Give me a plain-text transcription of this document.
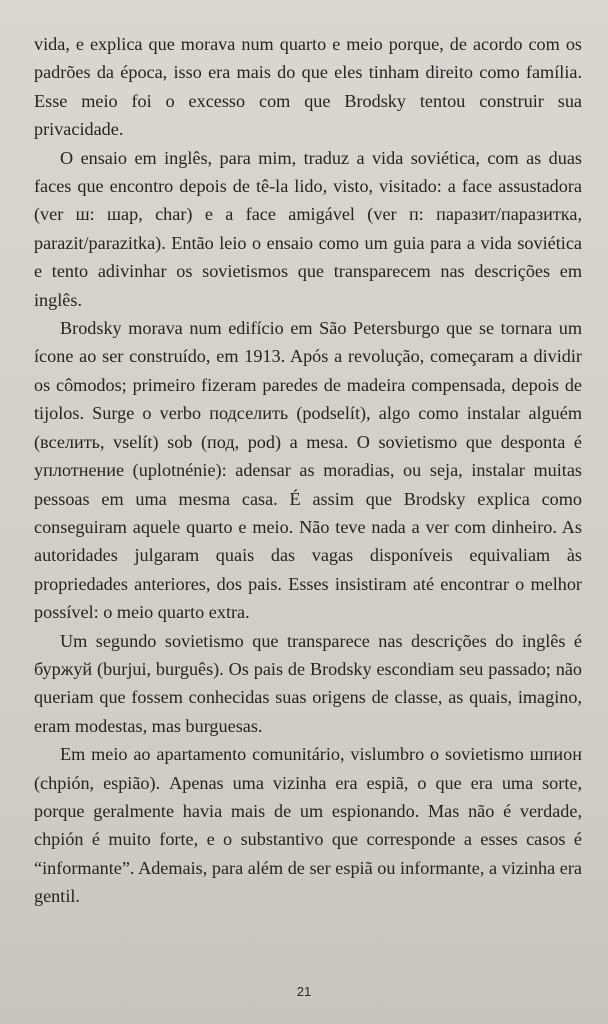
vida, e explica que morava num quarto e meio porque, de acordo com os padrões da época, isso era mais do que eles tinham direito como família. Esse meio foi o excesso com que Brodsky tentou construir sua privacidade.

O ensaio em inglês, para mim, traduz a vida soviética, com as duas faces que encontro depois de tê-la lido, visto, visitado: a face assustadora (ver ш: шар, char) e a face amigável (ver п: паразит/паразитка, parazit/parazitka). Então leio o ensaio como um guia para a vida soviética e tento adivinhar os sovietismos que transparecem nas descrições em inglês.

Brodsky morava num edifício em São Petersburgo que se tornara um ícone ao ser construído, em 1913. Após a revolução, começaram a dividir os cômodos; primeiro fizeram paredes de madeira compensada, depois de tijolos. Surge o verbo подселить (podselít), algo como instalar alguém (вселить, vselít) sob (под, pod) a mesa. O sovietismo que desponta é уплотнение (uplotnénie): adensar as moradias, ou seja, instalar muitas pessoas em uma mesma casa. É assim que Brodsky explica como conseguiram aquele quarto e meio. Não teve nada a ver com dinheiro. As autoridades julgaram quais das vagas disponíveis equivaliam às propriedades anteriores, dos pais. Esses insistiram até encontrar o melhor possível: o meio quarto extra.

Um segundo sovietismo que transparece nas descrições do inglês é буржуй (burjui, burguês). Os pais de Brodsky escondiam seu passado; não queriam que fossem conhecidas suas origens de classe, as quais, imagino, eram modestas, mas burguesas.

Em meio ao apartamento comunitário, vislumbro o sovietismo шпион (chpión, espião). Apenas uma vizinha era espiã, o que era uma sorte, porque geralmente havia mais de um espionando. Mas não é verdade, chpión é muito forte, e o substantivo que corresponde a esses casos é “informante”. Ademais, para além de ser espiã ou informante, a vizinha era gentil.

21
